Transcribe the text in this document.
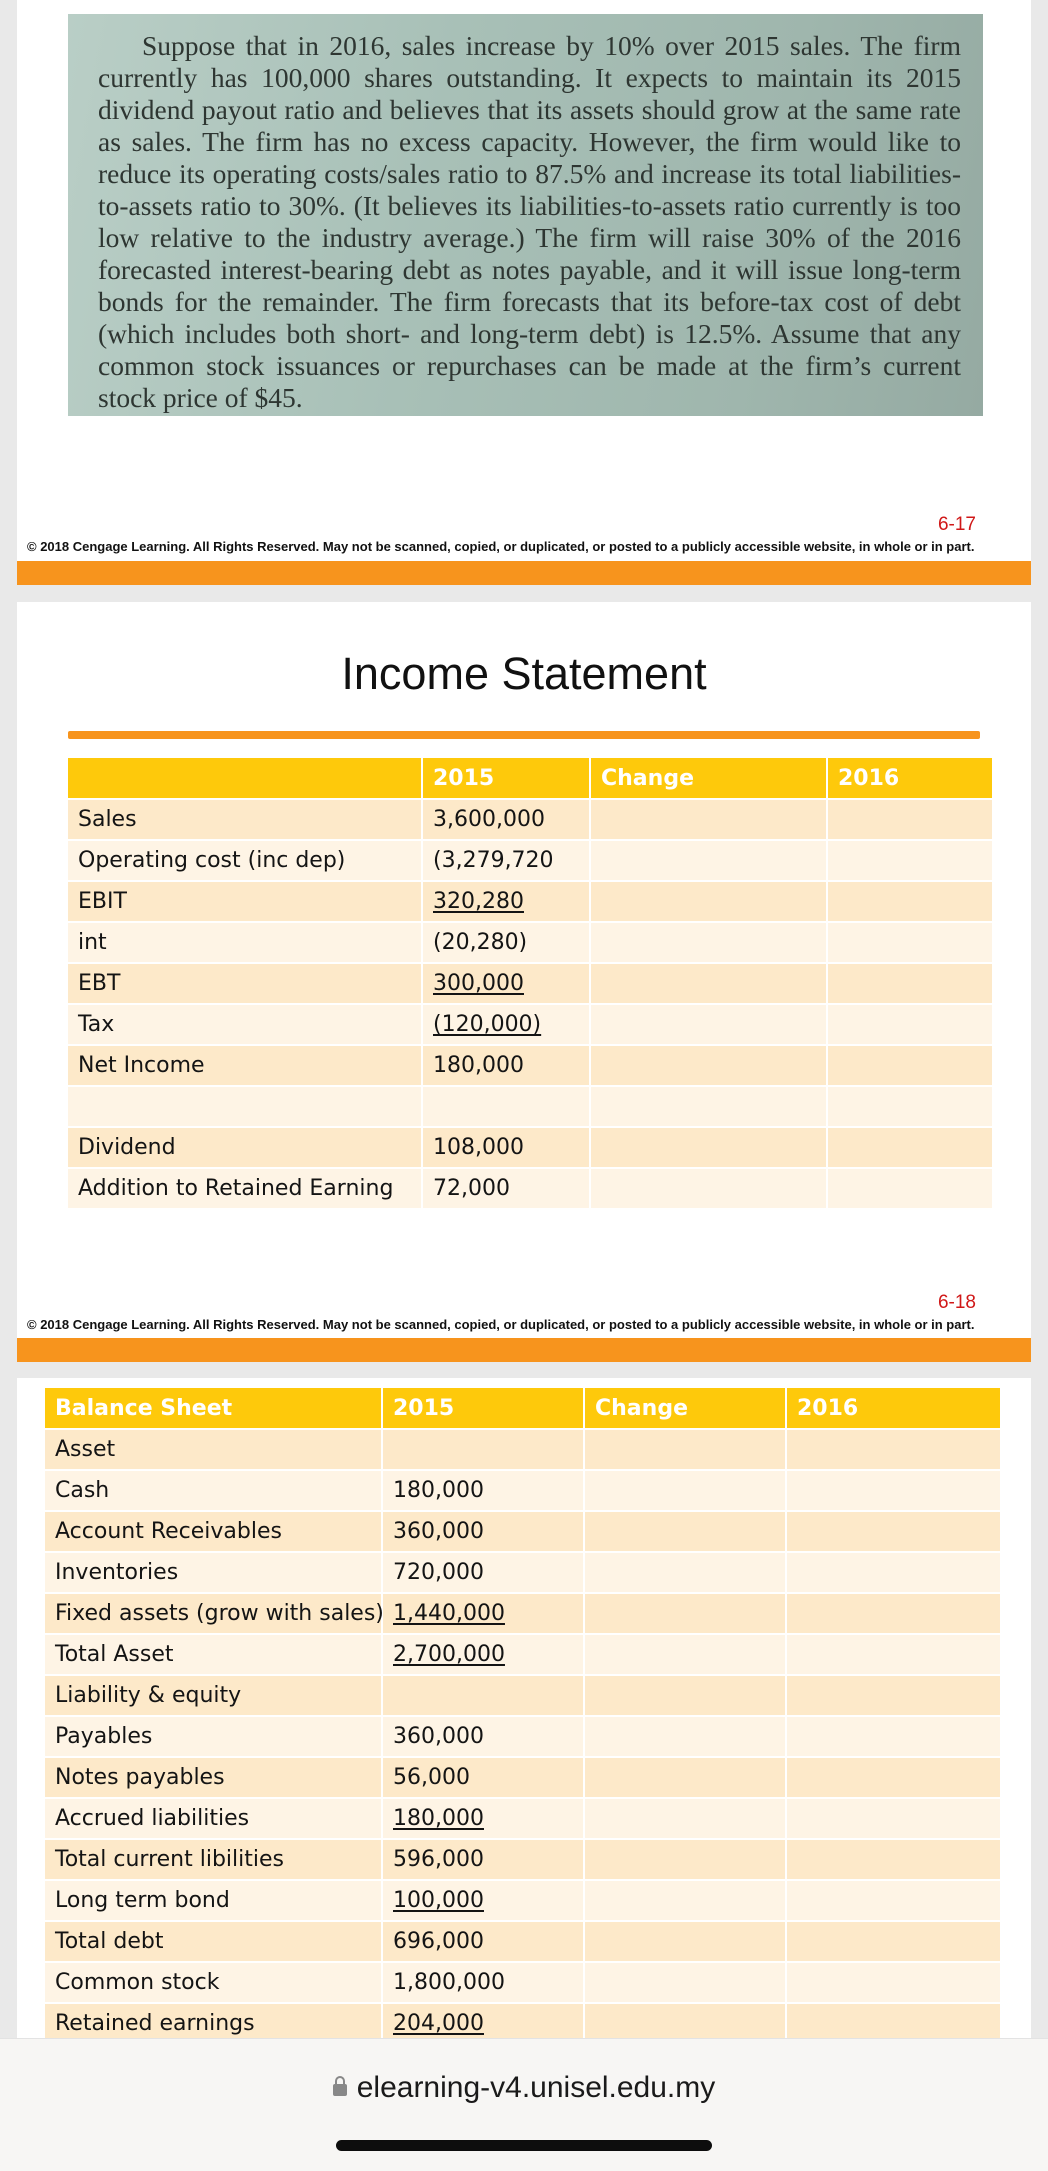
Suppose that in 2016, sales increase by 10% over 2015 sales. The firm currently has 100,000 shares outstanding. It expects to maintain its 2015 dividend payout ratio and believes that its assets should grow at the same rate as sales. The firm has no excess capacity. However, the firm would like to reduce its operating costs/sales ratio to 87.5% and increase its total liabilities-to-assets ratio to 30%. (It believes its liabilities-to-assets ratio currently is too low relative to the industry average.) The firm will raise 30% of the 2016 forecasted interest-bearing debt as notes payable, and it will issue long-term bonds for the remainder. The firm forecasts that its before-tax cost of debt (which includes both short- and long-term debt) is 12.5%. Assume that any common stock issuances or repurchases can be made at the firm’s current stock price of $45.

6-17
© 2018 Cengage Learning. All Rights Reserved. May not be scanned, copied, or duplicated, or posted to a publicly accessible website, in whole or in part.
Income Statement
	2015	Change	2016
Sales	3,600,000		
Operating cost (inc dep)	(3,279,720		
EBIT	320,280		
int	(20,280)		
EBT	300,000		
Tax	(120,000)		
Net Income	180,000		

Dividend	108,000		
Addition to Retained Earning	72,000		
6-18
© 2018 Cengage Learning. All Rights Reserved. May not be scanned, copied, or duplicated, or posted to a publicly accessible website, in whole or in part.
Balance Sheet	2015	Change	2016
Asset			
Cash	180,000		
Account Receivables	360,000		
Inventories	720,000		
Fixed assets (grow with sales)	1,440,000		
Total Asset	2,700,000		
Liability & equity			
Payables	360,000		
Notes payables	56,000		
Accrued liabilities	180,000		
Total current libilities	596,000		
Long term bond	100,000		
Total debt	696,000		
Common stock	1,800,000		
Retained earnings	204,000		
elearning-v4.unisel.edu.my
